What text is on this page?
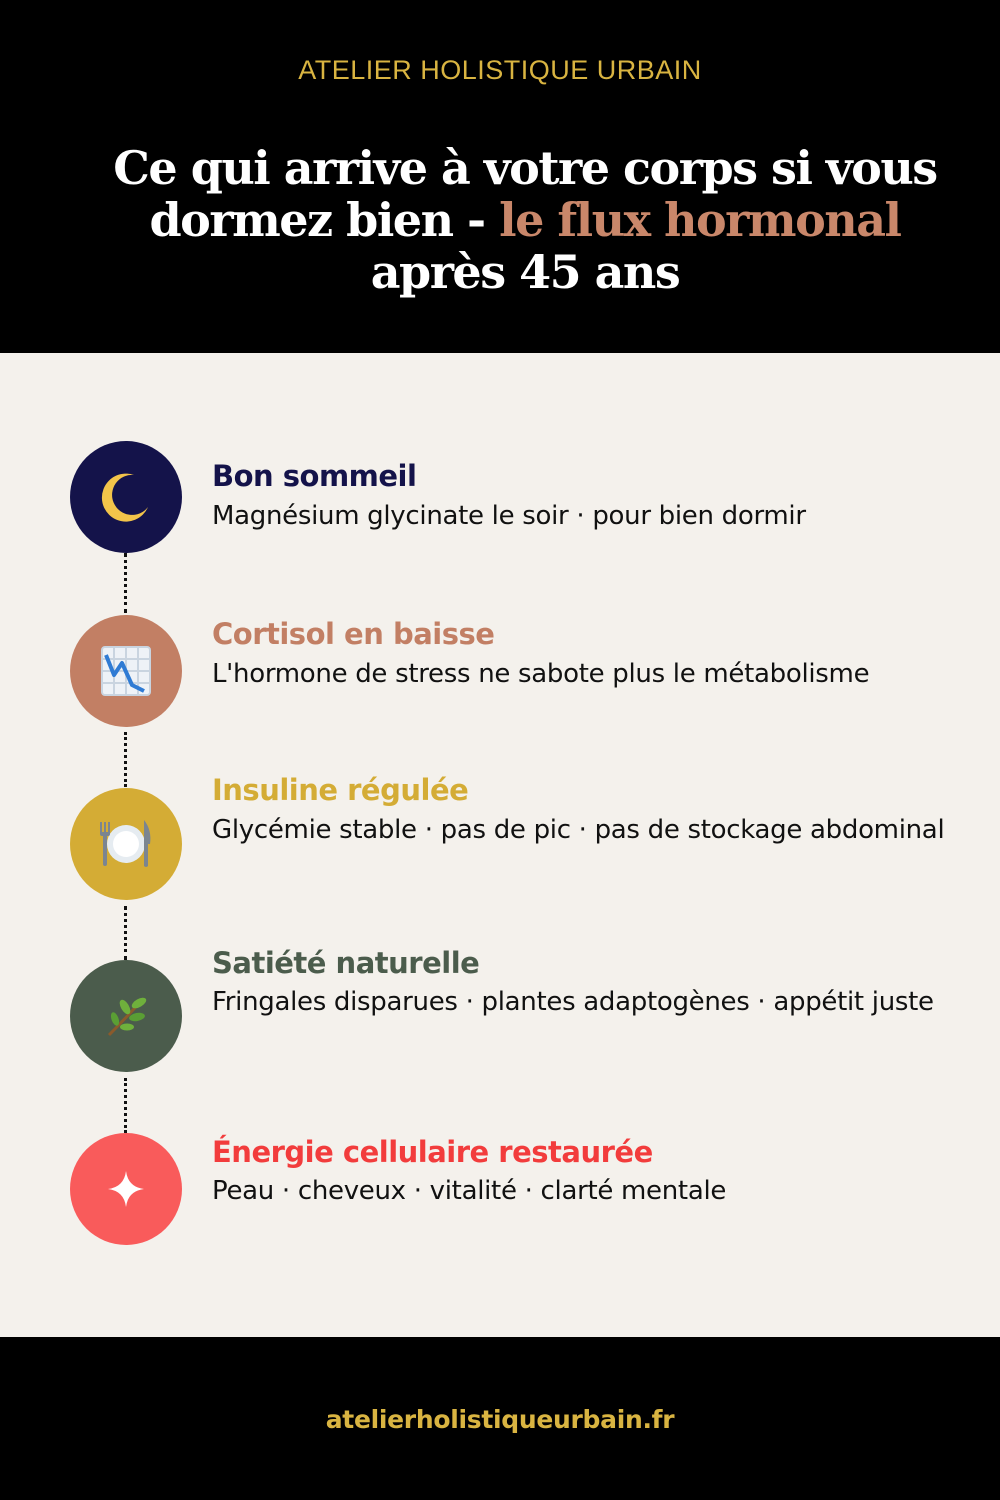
ATELIER HOLISTIQUE URBAIN
Ce qui arrive à votre corps si vous
dormez bien - le flux hormonal
après 45 ans
Bon sommeil
Magnésium glycinate le soir · pour bien dormir
Cortisol en baisse
L'hormone de stress ne sabote plus le métabolisme
Insuline régulée
Glycémie stable · pas de pic · pas de stockage abdominal
Satiété naturelle
Fringales disparues · plantes adaptogènes · appétit juste
Énergie cellulaire restaurée
Peau · cheveux · vitalité · clarté mentale
atelierholistiqueurbain.fr
